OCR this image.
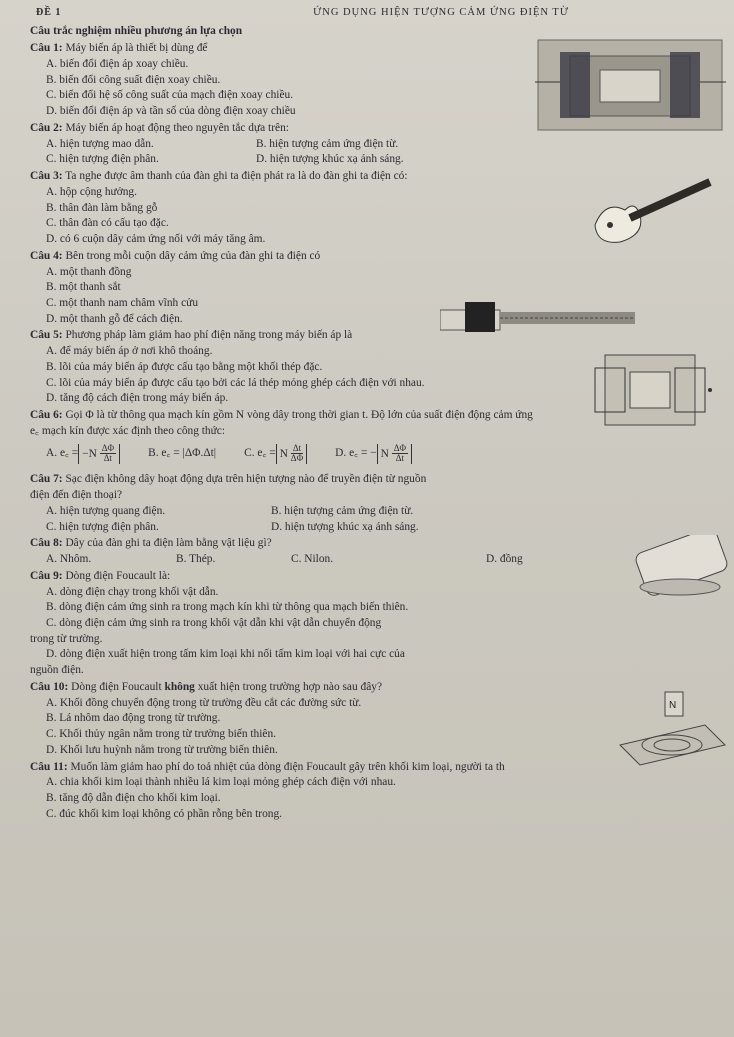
ĐỀ 1	ỨNG DỤNG HIỆN TƯỢNG CẢM ỨNG ĐIỆN TỪ
Câu trắc nghiệm nhiều phương án lựa chọn
Câu 1: Máy biến áp là thiết bị dùng để
A. biến đổi điện áp xoay chiều.
B. biến đổi công suất điện xoay chiều.
C. biến đổi hệ số công suất của mạch điện xoay chiều.
D. biến đổi điện áp và tần số của dòng điện xoay chiều
Câu 2: Máy biến áp hoạt động theo nguyên tắc dựa trên:
A. hiện tượng mao dẫn.	B. hiện tượng cảm ứng điện từ.
C. hiện tượng điện phân.	D. hiện tượng khúc xạ ánh sáng.
Câu 3: Ta nghe được âm thanh của đàn ghi ta điện phát ra là do đàn ghi ta điện có:
A. hộp cộng hưởng.
B. thân đàn làm bằng gỗ
C. thân đàn có cấu tạo đặc.
D. có 6 cuộn dây cảm ứng nối với máy tăng âm.
Câu 4: Bên trong mỗi cuộn dây cảm ứng của đàn ghi ta điện có
A. một thanh đồng
B. một thanh sắt
C. một thanh nam châm vĩnh cửu
D. một thanh gỗ để cách điện.
Câu 5: Phương pháp làm giảm hao phí điện năng trong máy biến áp là
A. để máy biến áp ở nơi khô thoáng.
B. lõi của máy biến áp được cấu tạo bằng một khối thép đặc.
C. lõi của máy biến áp được cấu tạo bởi các lá thép mỏng ghép cách điện với nhau.
D. tăng độ cách điện trong máy biến áp.
Câu 6: Gọi Φ là từ thông qua mạch kín gồm N vòng dây trong thời gian t. Độ lớn của suất điện động cảm ứng
e꜀ mạch kín được xác định theo công thức:
A.
e꜀ = $-N \frac{\Delta\Phi}{\Delta t}$	B.
e꜀ = |ΔΦ.Δt| C.
e꜀ = N $\frac{\Delta t}{\Delta\Phi}$	D.
e꜀ = − N $\frac{\Delta\Phi}{\Delta t}$
Câu 7: Sạc điện không dây hoạt động dựa trên hiện tượng nào để truyền điện từ nguồn
điện đến điện thoại?
A. hiện tượng quang điện.	B. hiện tượng cảm ứng điện từ.
C. hiện tượng điện phân.	D. hiện tượng khúc xạ ánh sáng.
Câu 8: Dây của đàn ghi ta điện làm bằng vật liệu gì?
A. Nhôm.	B. Thép.	C. Nilon.	D. đồng
Câu 9: Dòng điện Foucault là:
A. dòng điện chạy trong khối vật dẫn.
B. dòng điện cảm ứng sinh ra trong mạch kín khi từ thông qua mạch biến thiên.
C. dòng điện cảm ứng sinh ra trong khối vật dẫn khi vật dẫn chuyển động
trong từ trường.
D. dòng điện xuất hiện trong tấm kim loại khi nối tấm kim loại với hai cực của
nguồn điện.
Câu 10: Dòng điện Foucault không xuất hiện trong trường hợp nào sau đây?
A. Khối đồng chuyển động trong từ trường đều cắt các đường sức từ.
B. Lá nhôm dao động trong từ trường.
C. Khối thủy ngân nằm trong từ trường biến thiên.
D. Khối lưu huỳnh nằm trong từ trường biến thiên.
Câu 11: Muốn làm giảm hao phí do toả nhiệt của dòng điện Foucault gây trên khối kim loại, người ta th
A. chia khối kim loại thành nhiều lá kim loại mỏng ghép cách điện với nhau.
B. tăng độ dẫn điện cho khối kim loại.
C. đúc khối kim loại không có phần rỗng bên trong.
N
